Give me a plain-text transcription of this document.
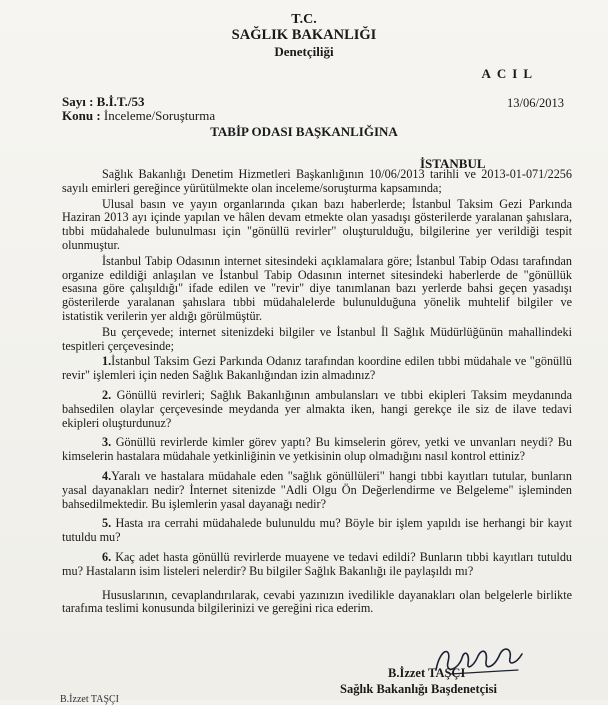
T.C.
SAĞLIK BAKANLIĞI
Denetçiliği
ACIL
Sayı : B.İ.T./53
Konu : İnceleme/Soruşturma
13/06/2013
TABİP ODASI BAŞKANLIĞINA
İSTANBUL

Sağlık Bakanlığı Denetim Hizmetleri Başkanlığının 10/06/2013 tarihli ve 2013-01-071/2256 sayılı emirleri gereğince yürütülmekte olan inceleme/soruşturma kapsamında;

Ulusal basın ve yayın organlarında çıkan bazı haberlerde; İstanbul Taksim Gezi Parkında Haziran 2013 ayı içinde yapılan ve hâlen devam etmekte olan yasadışı gösterilerde yaralanan şahıslara, tıbbi müdahalede bulunulması için "gönüllü revirler" oluşturulduğu, bilgilerine yer verildiği tespit olunmuştur.

İstanbul Tabip Odasının internet sitesindeki açıklamalara göre; İstanbul Tabip Odası tarafından organize edildiği anlaşılan ve İstanbul Tabip Odasının internet sitesindeki haberlerde de "gönüllük esasına göre çalışıldığı" ifade edilen ve "revir" diye tanımlanan bazı yerlerde bahsi geçen yasadışı gösterilerde yaralanan şahıslara tıbbi müdahalelerde bulunulduğuna yönelik muhtelif bilgiler ve istatistik verilerin yer aldığı görülmüştür.

Bu çerçevede; internet sitenizdeki bilgiler ve İstanbul İl Sağlık Müdürlüğünün mahallindeki tespitleri çerçevesinde;

1.İstanbul Taksim Gezi Parkında Odanız tarafından koordine edilen tıbbi müdahale ve "gönüllü revir" işlemleri için neden Sağlık Bakanlığından izin almadınız?

2. Gönüllü revirleri; Sağlık Bakanlığının ambulansları ve tıbbi ekipleri Taksim meydanında bahsedilen olaylar çerçevesinde meydanda yer almakta iken, hangi gerekçe ile siz de ilave tedavi ekipleri oluşturdunuz?

3. Gönüllü revirlerde kimler görev yaptı? Bu kimselerin görev, yetki ve unvanları neydi? Bu kimselerin hastalara müdahale yetkinliğinin ve yetkisinin olup olmadığını nasıl kontrol ettiniz?

4.Yaralı ve hastalara müdahale eden "sağlık gönüllüleri" hangi tıbbi kayıtları tutular, bunların yasal dayanakları nedir? İnternet sitenizde "Adli Olgu Ön Değerlendirme ve Belgeleme" işleminden bahsedilmektedir. Bu işlemlerin yasal dayanağı nedir?

5. Hasta ıra cerrahi müdahalede bulunuldu mu? Böyle bir işlem yapıldı ise herhangi bir kayıt tutuldu mu?

6. Kaç adet hasta gönüllü revirlerde muayene ve tedavi edildi? Bunların tıbbi kayıtları tutuldu mu? Hastaların isim listeleri nelerdir? Bu bilgiler Sağlık Bakanlığı ile paylaşıldı mı?

Hususlarının, cevaplandırılarak, cevabi yazınızın ivedilikle dayanakları olan belgelerle birlikte tarafıma teslimi konusunda bilgilerinizi ve gereğini rica ederim.

B.İzzet TAŞÇI
Sağlık Bakanlığı Başdenetçisi
B.İzzet TAŞÇI
